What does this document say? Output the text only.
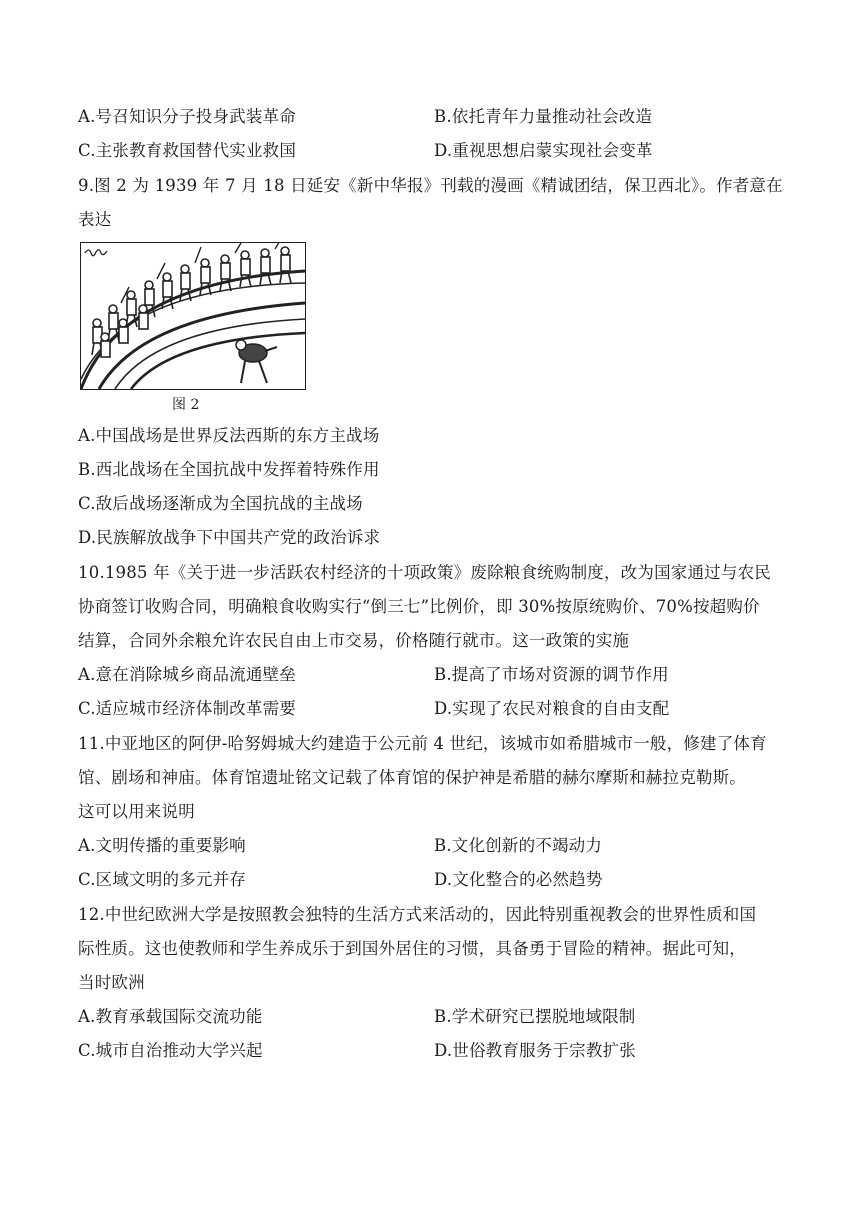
A.号召知识分子投身武装革命	B.依托青年力量推动社会改造
C.主张教育救国替代实业救国	D.重视思想启蒙实现社会变革
9.图 2 为 1939 年 7 月 18 日延安《新中华报》刊载的漫画《精诚团结，保卫西北》。作者意在
表达
图 2
A.中国战场是世界反法西斯的东方主战场
B.西北战场在全国抗战中发挥着特殊作用
C.敌后战场逐渐成为全国抗战的主战场
D.民族解放战争下中国共产党的政治诉求
10.1985 年《关于进一步活跃农村经济的十项政策》废除粮食统购制度，改为国家通过与农民
协商签订收购合同，明确粮食收购实行“倒三七”比例价，即 30%按原统购价、70%按超购价
结算，合同外余粮允许农民自由上市交易，价格随行就市。这一政策的实施
A.意在消除城乡商品流通壁垒	B.提高了市场对资源的调节作用
C.适应城市经济体制改革需要	D.实现了农民对粮食的自由支配
11.中亚地区的阿伊-哈努姆城大约建造于公元前 4 世纪，该城市如希腊城市一般，修建了体育
馆、剧场和神庙。体育馆遗址铭文记载了体育馆的保护神是希腊的赫尔摩斯和赫拉克勒斯。
这可以用来说明
A.文明传播的重要影响	B.文化创新的不竭动力
C.区域文明的多元并存	D.文化整合的必然趋势
12.中世纪欧洲大学是按照教会独特的生活方式来活动的，因此特别重视教会的世界性质和国
际性质。这也使教师和学生养成乐于到国外居住的习惯，具备勇于冒险的精神。据此可知，
当时欧洲
A.教育承载国际交流功能	B.学术研究已摆脱地域限制
C.城市自治推动大学兴起	D.世俗教育服务于宗教扩张
